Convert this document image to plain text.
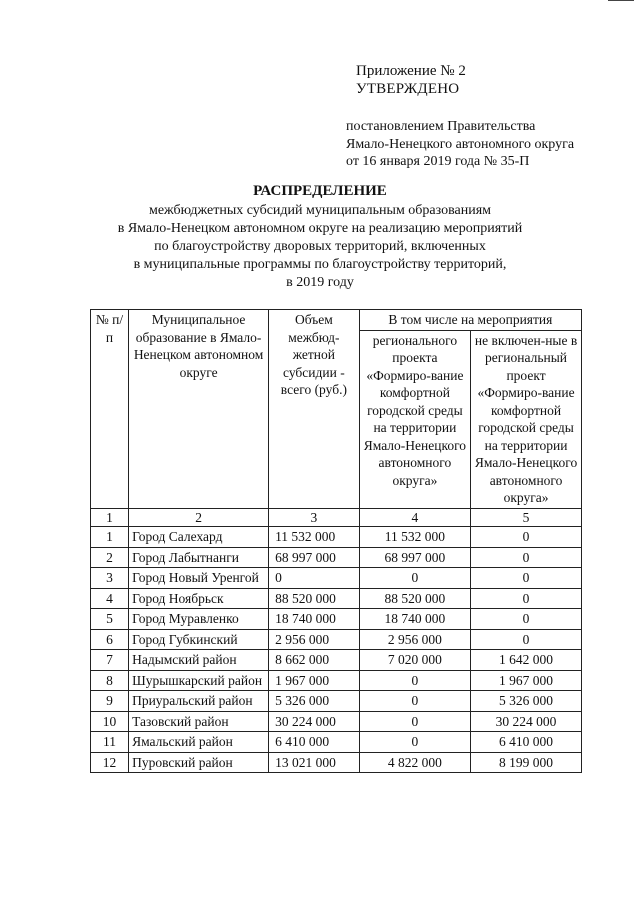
Приложение № 2
УТВЕРЖДЕНО
постановлением Правительства
Ямало-Ненецкого автономного округа
от 16 января 2019 года № 35-П
РАСПРЕДЕЛЕНИЕ
межбюджетных субсидий муниципальным образованиям
в Ямало-Ненецком автономном округе на реализацию мероприятий
по благоустройству дворовых территорий, включенных
в муниципальные программы по благоустройству территорий,
в 2019 году
№ п/п	Муниципальное образование в Ямало-Ненецком автономном округе	Объем межбюд-жетной субсидии - всего (руб.)	В том числе на мероприятия	
			регионального проекта «Формиро-вание комфортной городской среды на территории Ямало-Ненецкого автономного округа»	не включен-ные в региональный проект «Формиро-вание комфортной городской среды на территории Ямало-Ненецкого автономного округа»
1	2	3	4	5
1	Город Салехард	11 532 000	11 532 000	0
2	Город Лабытнанги	68 997 000	68 997 000	0
3	Город Новый Уренгой	0	0	0
4	Город Ноябрьск	88 520 000	88 520 000	0
5	Город Муравленко	18 740 000	18 740 000	0
6	Город Губкинский	2 956 000	2 956 000	0
7	Надымский район	8 662 000	7 020 000	1 642 000
8	Шурышкарский район	1 967 000	0	1 967 000
9	Приуральский район	5 326 000	0	5 326 000
10	Тазовский район	30 224 000	0	30 224 000
11	Ямальский район	6 410 000	0	6 410 000
12	Пуровский район	13 021 000	4 822 000	8 199 000
